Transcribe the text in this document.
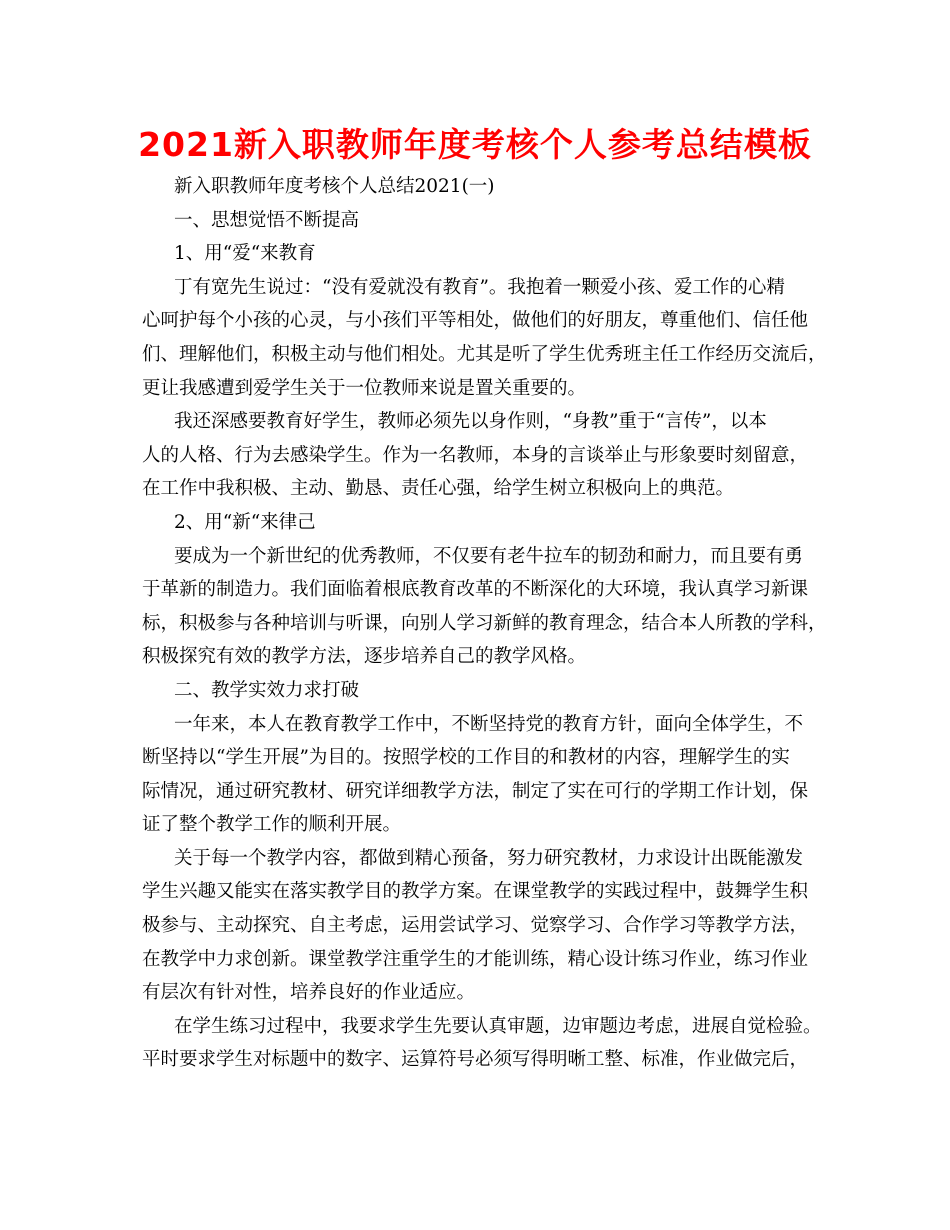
2021新入职教师年度考核个人参考总结模板
新入职教师年度考核个人总结2021(一)
一、思想觉悟不断提高
1、用“爱“来教育
丁有宽先生说过：“没有爱就没有教育”。我抱着一颗爱小孩、爱工作的心精
心呵护每个小孩的心灵，与小孩们平等相处，做他们的好朋友，尊重他们、信任他
们、理解他们，积极主动与他们相处。尤其是听了学生优秀班主任工作经历交流后，
更让我感遭到爱学生关于一位教师来说是置关重要的。
我还深感要教育好学生，教师必须先以身作则，“身教”重于“言传”，以本
人的人格、行为去感染学生。作为一名教师，本身的言谈举止与形象要时刻留意，
在工作中我积极、主动、勤恳、责任心强，给学生树立积极向上的典范。
2、用“新“来律己
要成为一个新世纪的优秀教师，不仅要有老牛拉车的韧劲和耐力，而且要有勇
于革新的制造力。我们面临着根底教育改革的不断深化的大环境，我认真学习新课
标，积极参与各种培训与听课，向别人学习新鲜的教育理念，结合本人所教的学科，
积极探究有效的教学方法，逐步培养自己的教学风格。
二、教学实效力求打破
一年来，本人在教育教学工作中，不断坚持党的教育方针，面向全体学生，不
断坚持以“学生开展”为目的。按照学校的工作目的和教材的内容，理解学生的实
际情况，通过研究教材、研究详细教学方法，制定了实在可行的学期工作计划，保
证了整个教学工作的顺利开展。
关于每一个教学内容，都做到精心预备，努力研究教材，力求设计出既能激发
学生兴趣又能实在落实教学目的教学方案。在课堂教学的实践过程中，鼓舞学生积
极参与、主动探究、自主考虑，运用尝试学习、觉察学习、合作学习等教学方法，
在教学中力求创新。课堂教学注重学生的才能训练，精心设计练习作业，练习作业
有层次有针对性，培养良好的作业适应。
在学生练习过程中，我要求学生先要认真审题，边审题边考虑，进展自觉检验。
平时要求学生对标题中的数字、运算符号必须写得明晰工整、标准，作业做完后，
